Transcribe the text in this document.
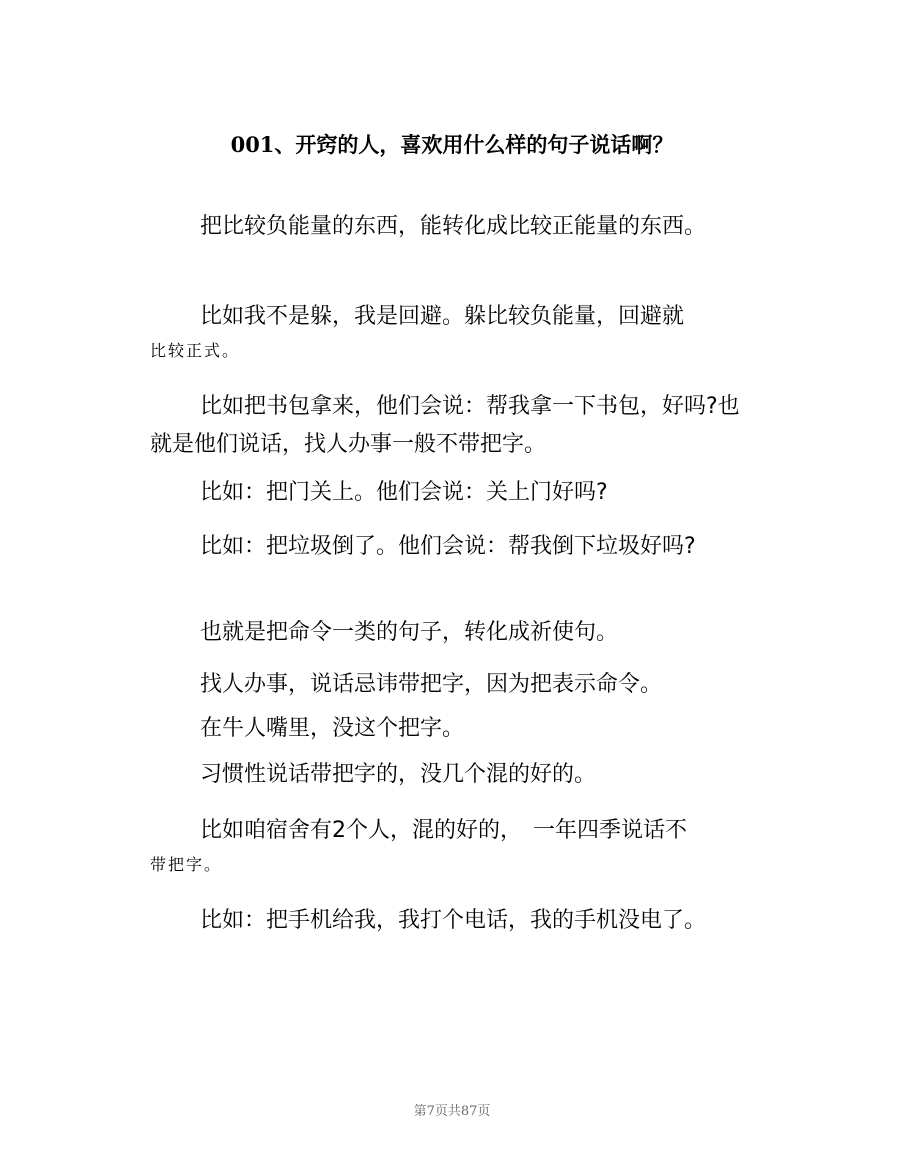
001、开窍的人，喜欢用什么样的句子说话啊？

把比较负能量的东西，能转化成比较正能量的东西。

比如我不是躲，我是回避。躲比较负能量，回避就
比较正式。

比如把书包拿来，他们会说：帮我拿一下书包，好吗?也就是他们说话，找人办事一般不带把字。

比如：把门关上。他们会说：关上门好吗?

比如：把垃圾倒了。他们会说：帮我倒下垃圾好吗?

也就是把命令一类的句子，转化成祈使句。

找人办事，说话忌讳带把字，因为把表示命令。

在牛人嘴里，没这个把字。

习惯性说话带把字的，没几个混的好的。

比如咱宿舍有2个人，混的好的，　一年四季说话不
带把字。

比如：把手机给我，我打个电话，我的手机没电了。

第7页共87页
